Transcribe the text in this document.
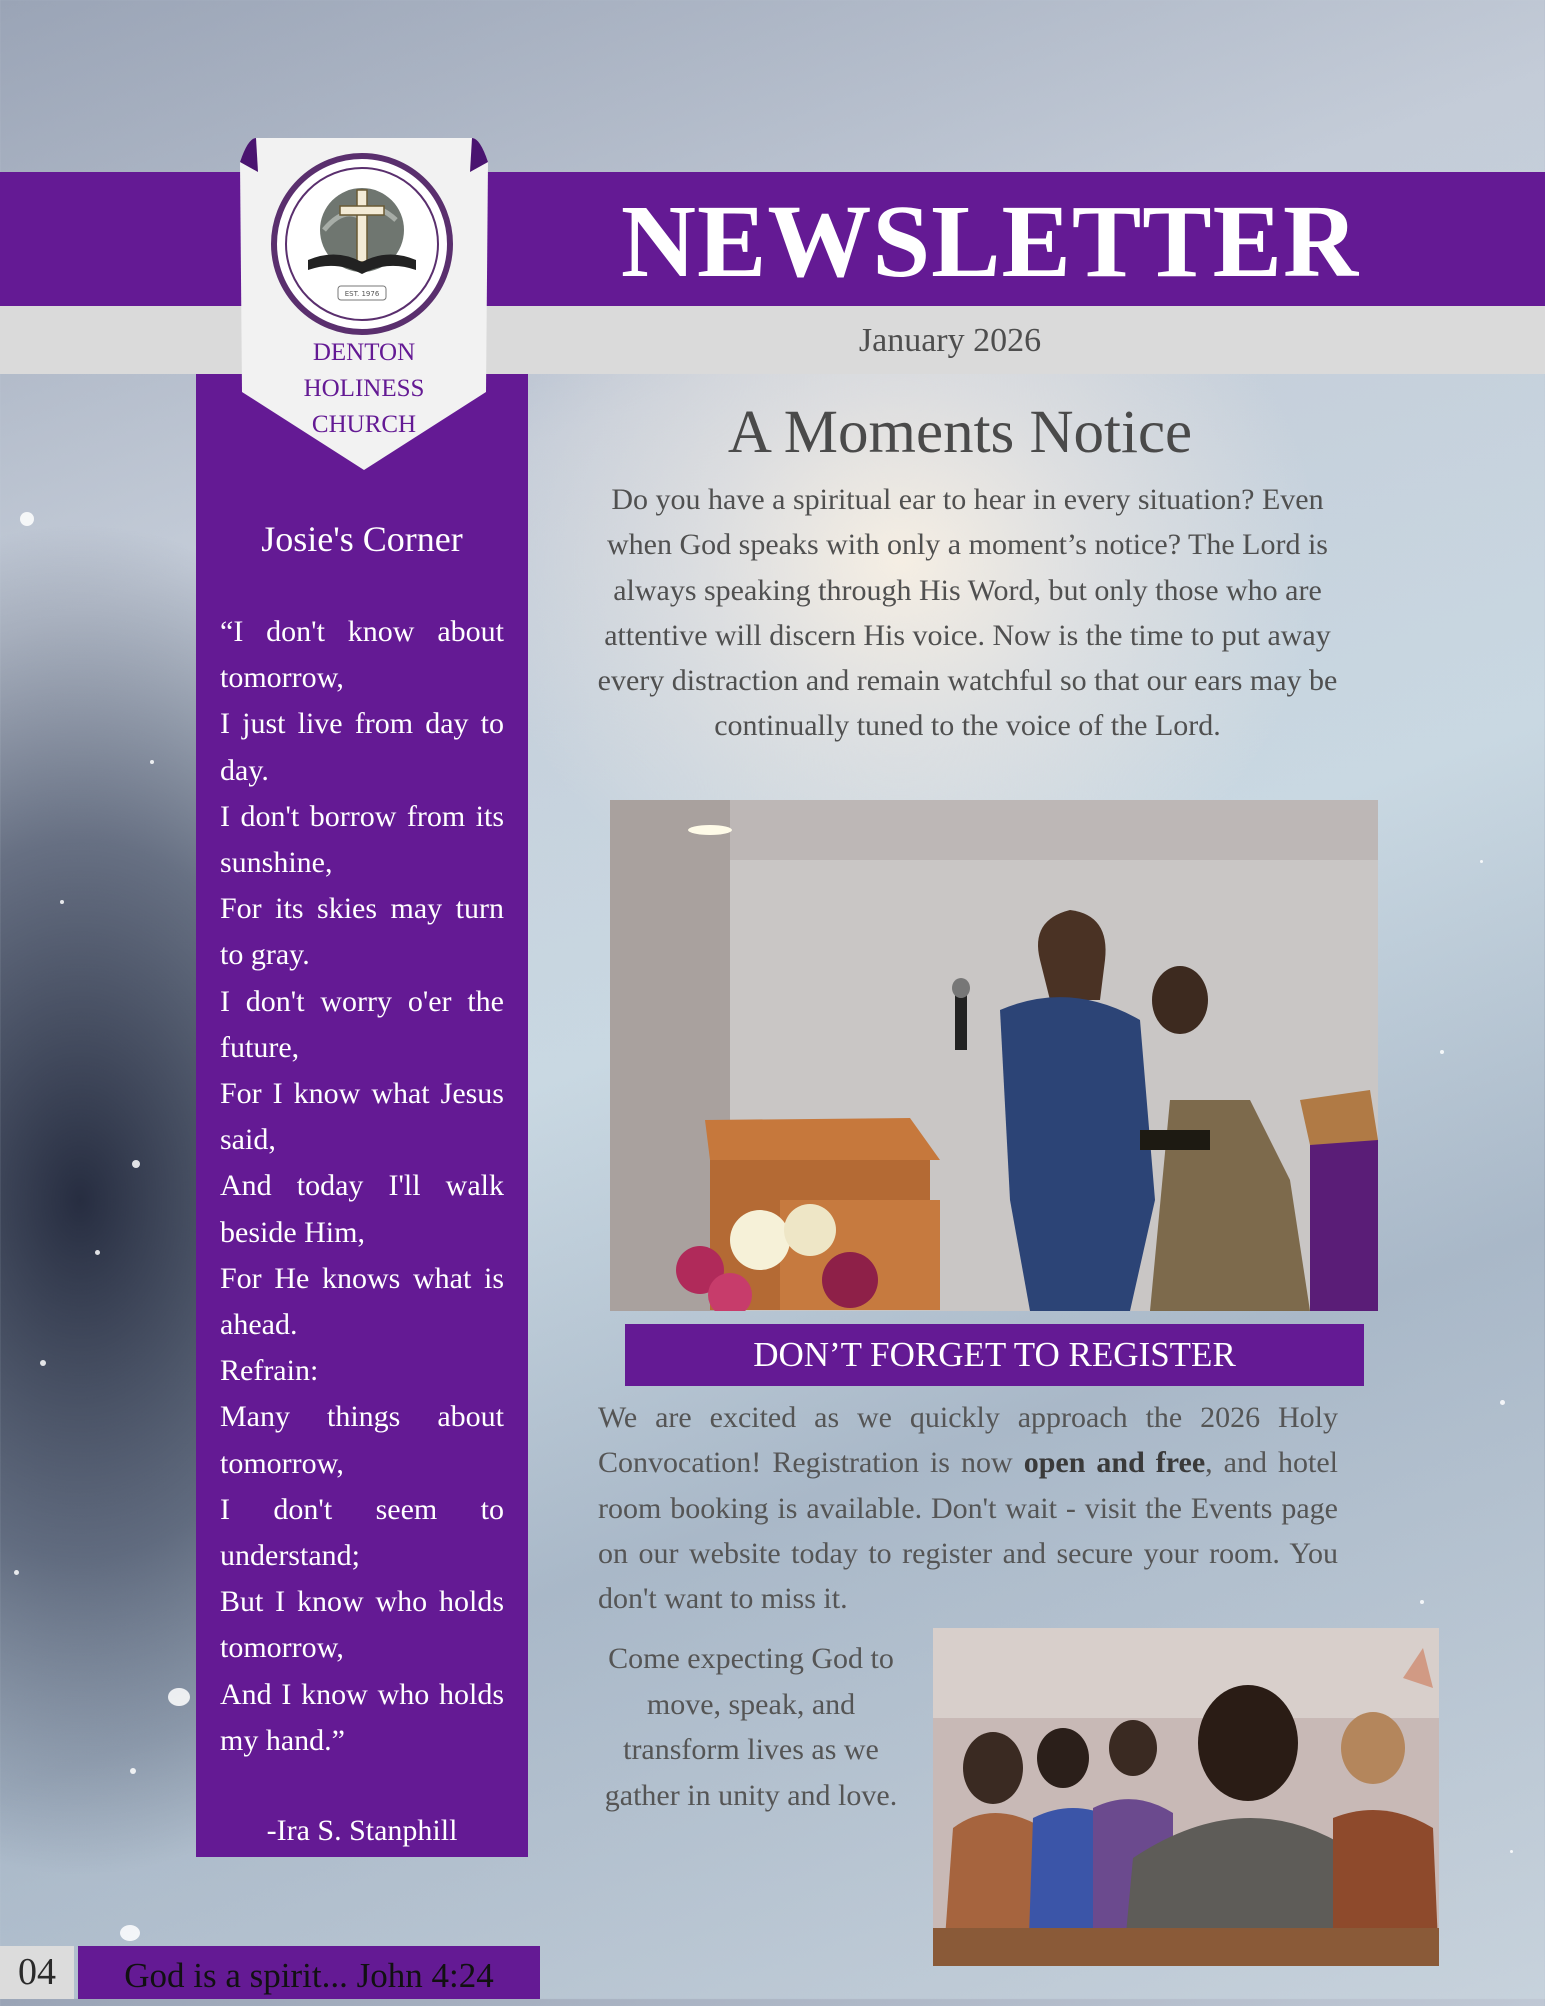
NEWSLETTER
January 2026
EST. 1976
DENTON
HOLINESS
CHURCH
Josie's Corner
“I don't know about tomorrow,
I just live from day to day.
I don't borrow from its sunshine,
For its skies may turn to gray.
I don't worry o'er the future,
For I know what Jesus said,
And today I'll walk beside Him,
For He knows what is ahead.
Refrain:
Many things about tomorrow,
I don't seem to understand;
But I know who holds tomorrow,
And I know who holds my hand.”
-Ira S. Stanphill
A Moments Notice
Do you have a spiritual ear to hear in every situation? Even when God speaks with only a moment’s notice? The Lord is always speaking through His Word, but only those who are attentive will discern His voice. Now is the time to put away every distraction and remain watchful so that our ears may be continually tuned to the voice of the Lord.
DON’T FORGET TO REGISTER
We are excited as we quickly approach the 2026 Holy Convocation! Registration is now open and free, and hotel room booking is available. Don't wait - visit the Events page on our website today to register and secure your room. You don't want to miss it.
Come expecting God to move, speak, and transform lives as we gather in unity and love.
04	God is a spirit... John 4:24
